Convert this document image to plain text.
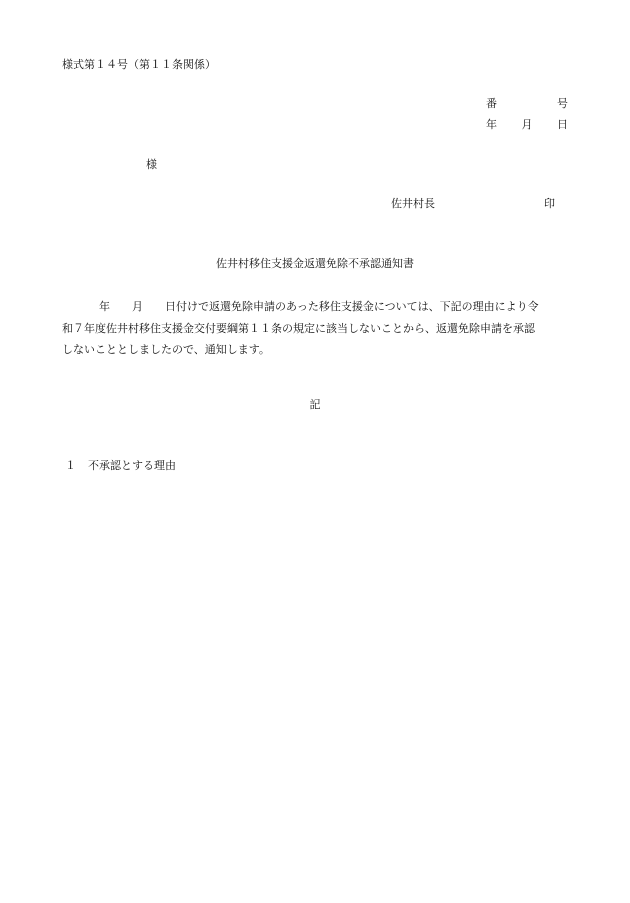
様式第１４号（第１１条関係）
番	号
年 月 日
様
佐井村長	印
佐井村移住支援金返還免除不承認通知書
年 月 日付けで返還免除申請のあった移住支援金については、下記の理由により令
和７年度佐井村移住支援金交付要綱第１１条の規定に該当しないことから、返還免除申請を承認
しないこととしましたので、通知します。
記
１ 不承認とする理由
